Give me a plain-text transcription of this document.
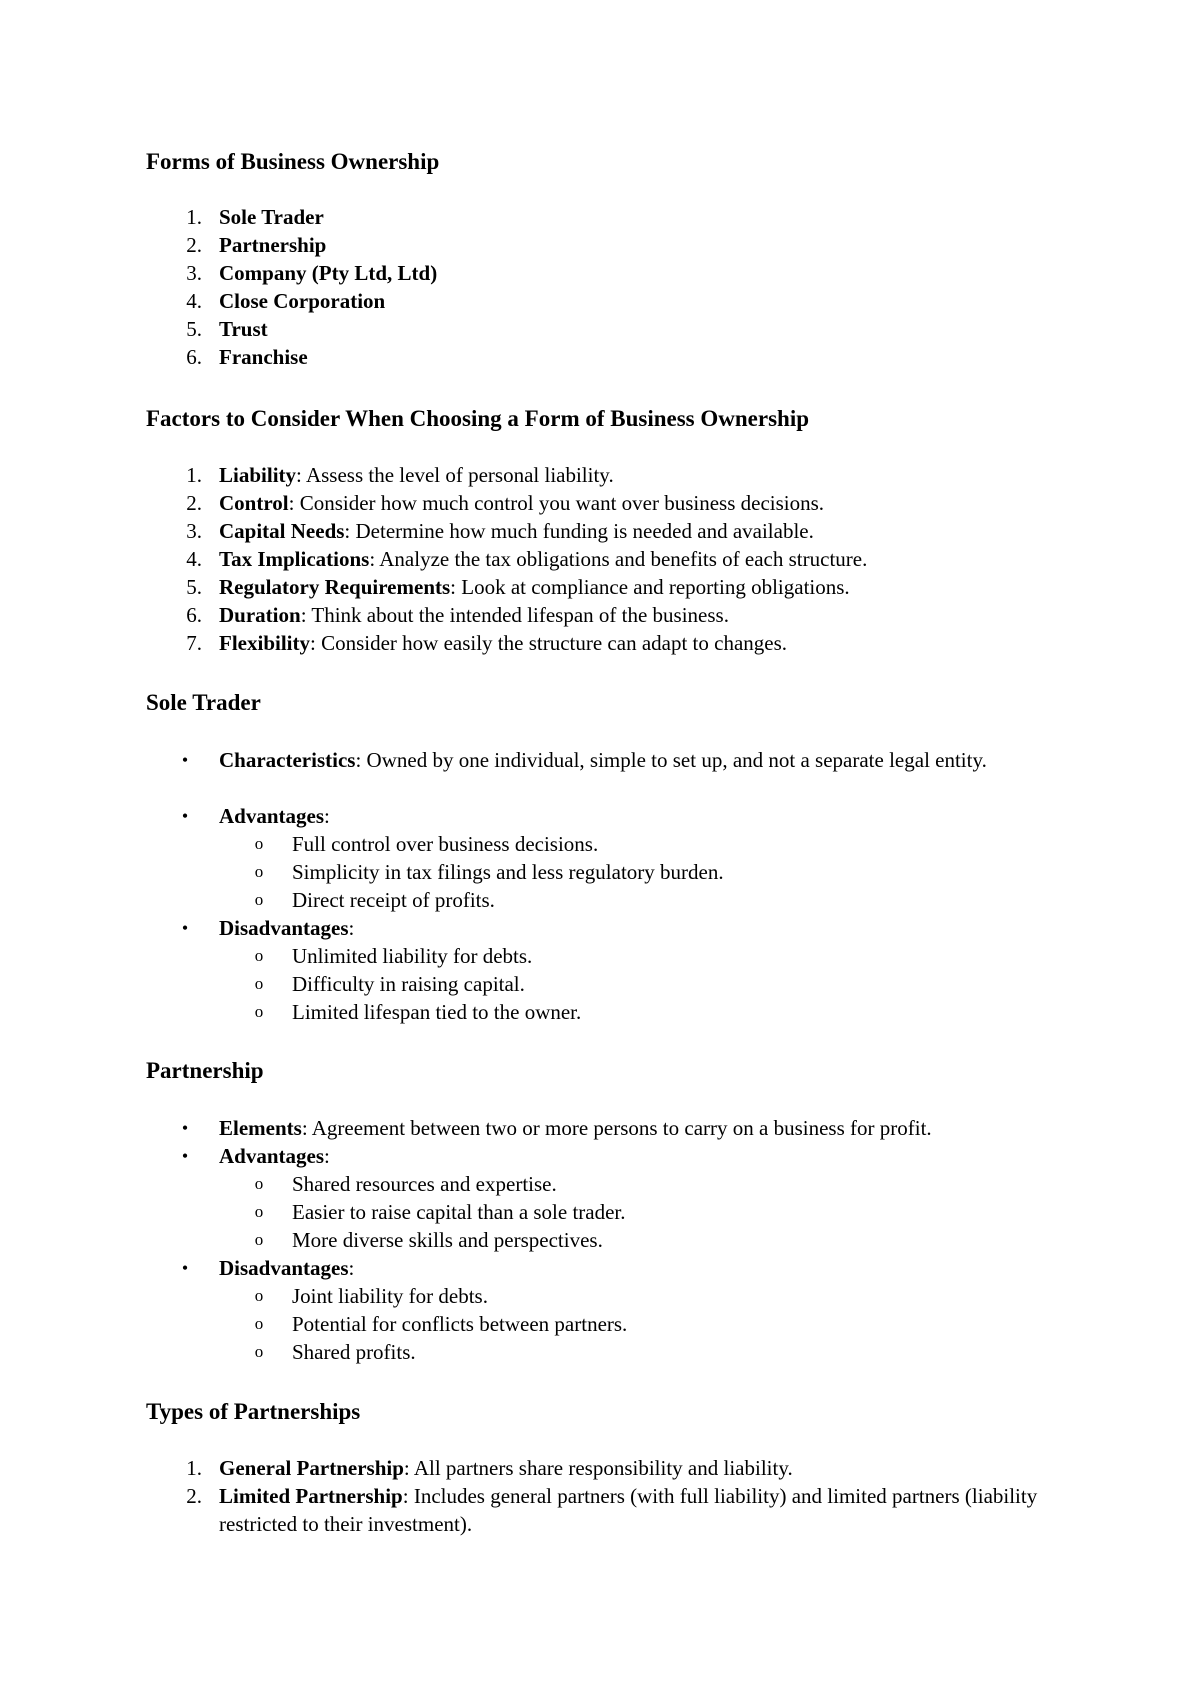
Forms of Business Ownership
1. Sole Trader
2. Partnership
3. Company (Pty Ltd, Ltd)
4. Close Corporation
5. Trust
6. Franchise
Factors to Consider When Choosing a Form of Business Ownership
1. Liability: Assess the level of personal liability.
2. Control: Consider how much control you want over business decisions.
3. Capital Needs: Determine how much funding is needed and available.
4. Tax Implications: Analyze the tax obligations and benefits of each structure.
5. Regulatory Requirements: Look at compliance and reporting obligations.
6. Duration: Think about the intended lifespan of the business.
7. Flexibility: Consider how easily the structure can adapt to changes.
Sole Trader
• Characteristics: Owned by one individual, simple to set up, and not a separate legal entity.
• Advantages:
o Full control over business decisions.
o Simplicity in tax filings and less regulatory burden.
o Direct receipt of profits.
• Disadvantages:
o Unlimited liability for debts.
o Difficulty in raising capital.
o Limited lifespan tied to the owner.
Partnership
• Elements: Agreement between two or more persons to carry on a business for profit.
• Advantages:
o Shared resources and expertise.
o Easier to raise capital than a sole trader.
o More diverse skills and perspectives.
• Disadvantages:
o Joint liability for debts.
o Potential for conflicts between partners.
o Shared profits.
Types of Partnerships
1. General Partnership: All partners share responsibility and liability.
2. Limited Partnership: Includes general partners (with full liability) and limited partners (liability restricted to their investment).
